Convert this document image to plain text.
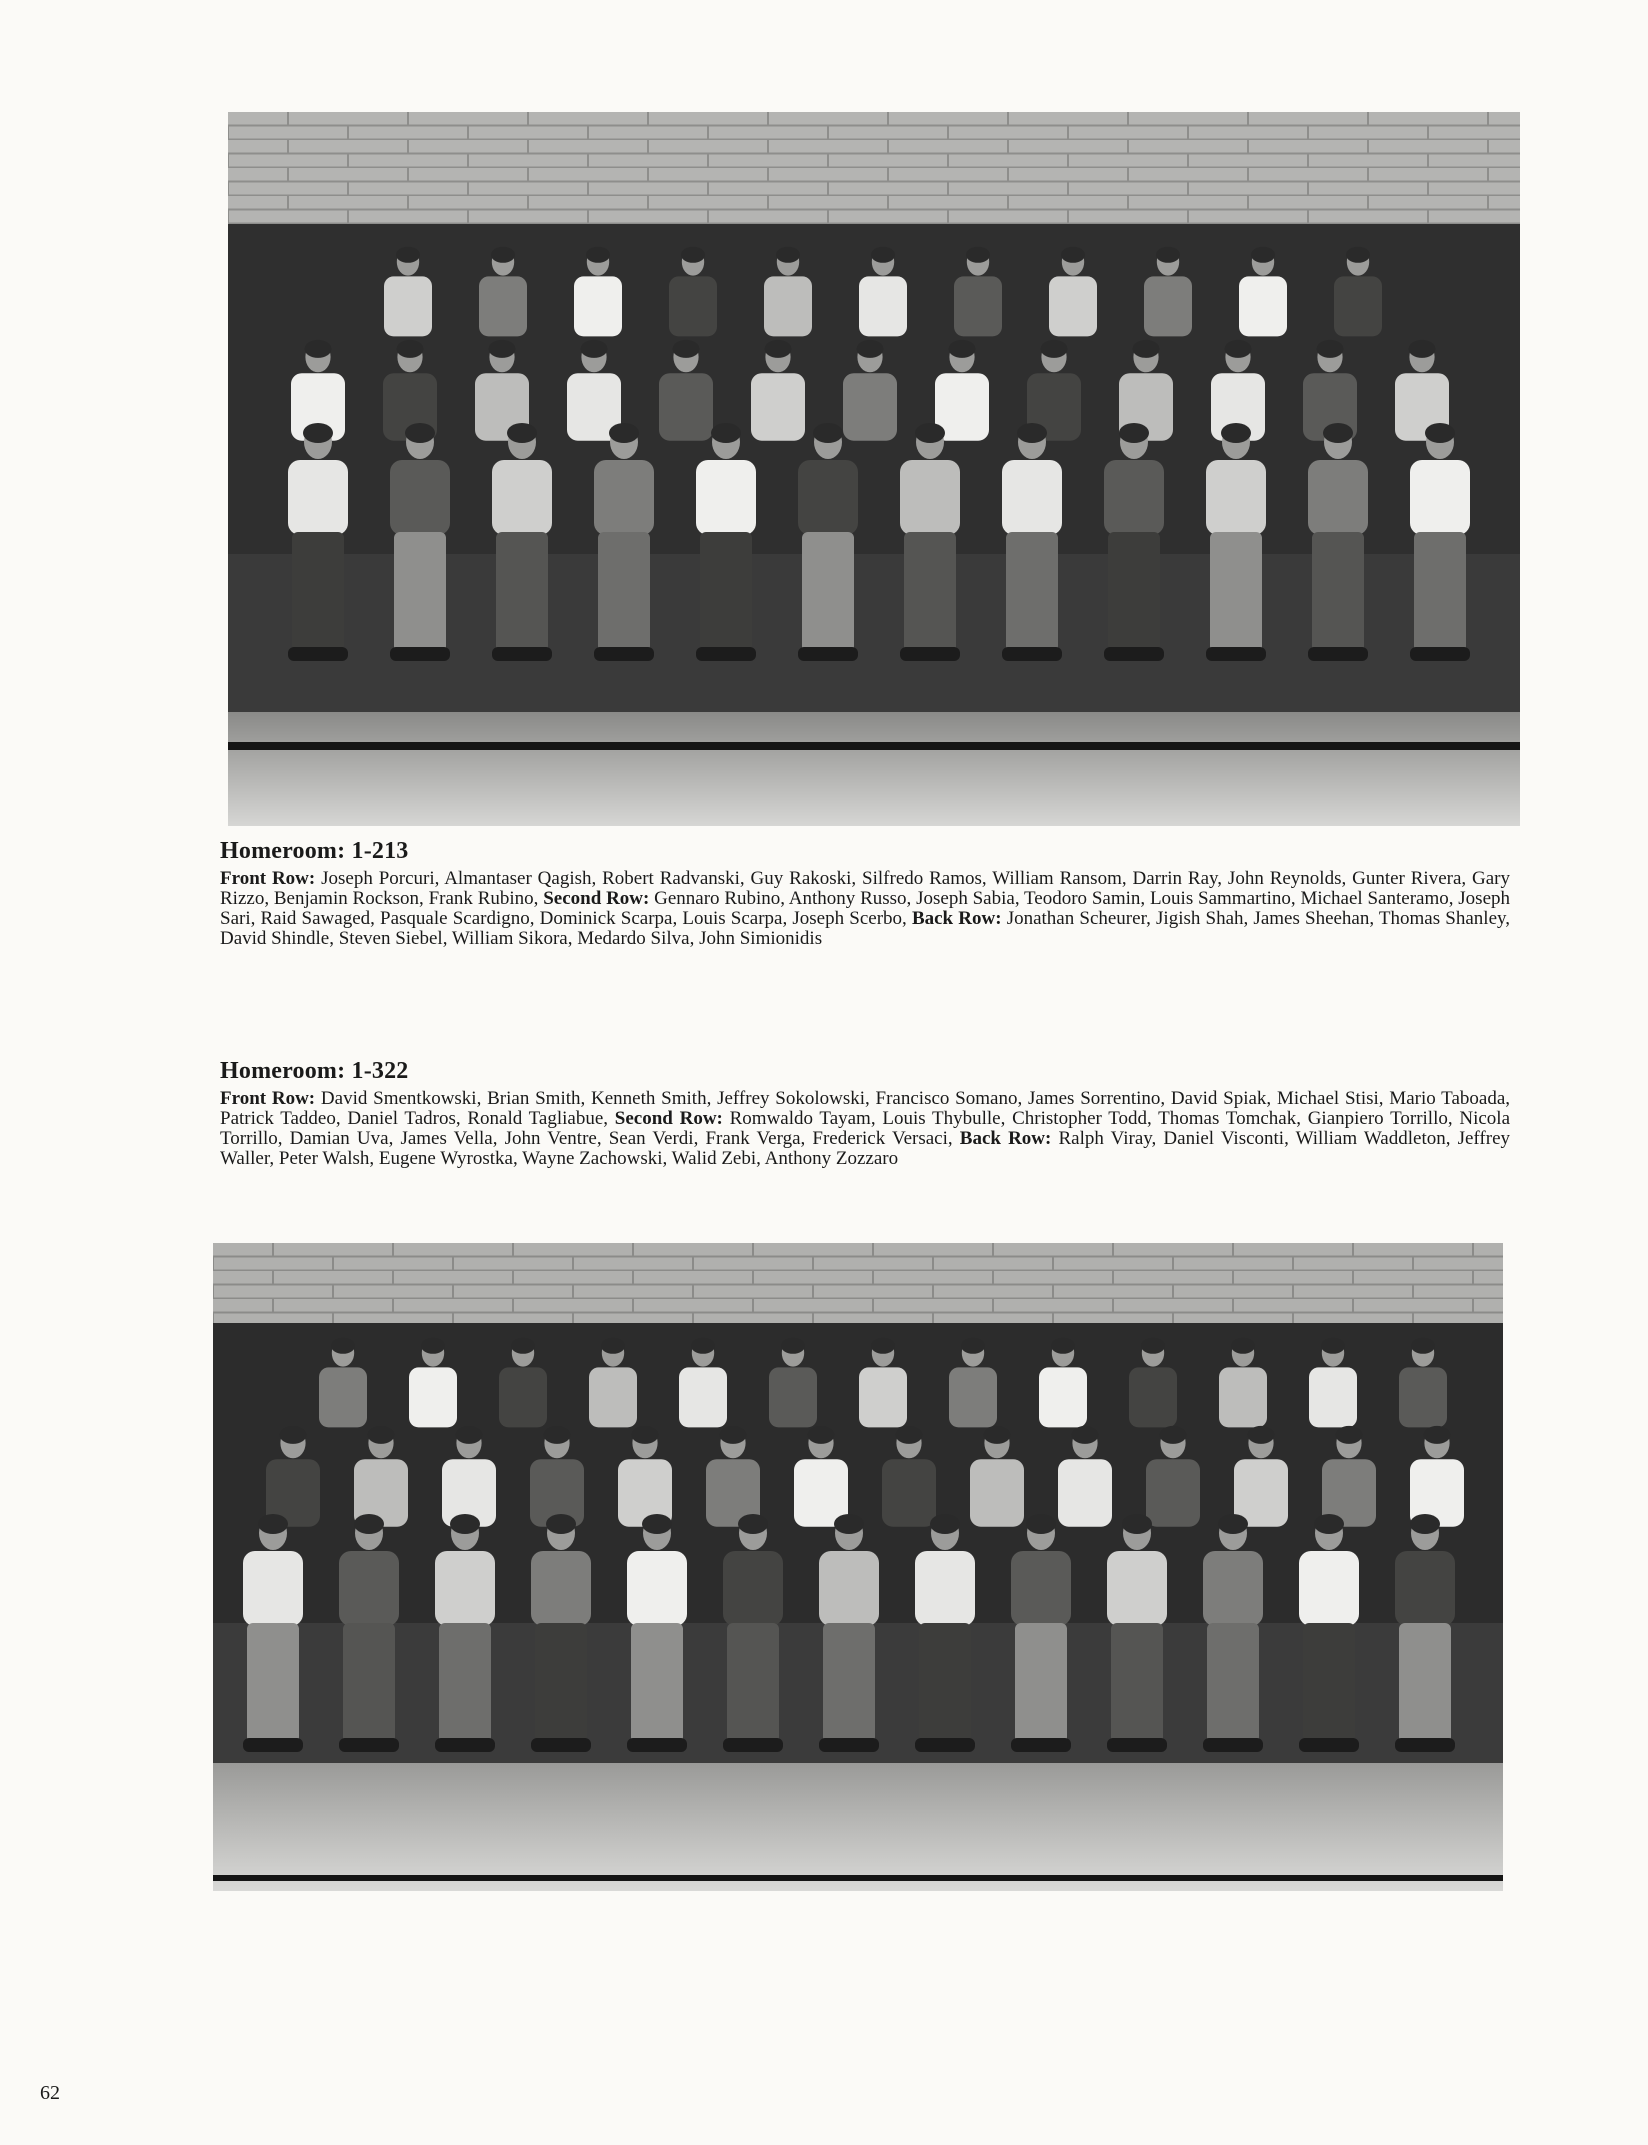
Homeroom: 1-213

Front Row: Joseph Porcuri, Almantaser Qagish, Robert Radvanski, Guy Rakoski, Silfredo Ramos, William Ransom, Darrin Ray, John Reynolds, Gunter Rivera, Gary Rizzo, Benjamin Rockson, Frank Rubino, Second Row: Gennaro Rubino, Anthony Russo, Joseph Sabia, Teodoro Samin, Louis Sammartino, Michael Santeramo, Joseph Sari, Raid Sawaged, Pasquale Scardigno, Dominick Scarpa, Louis Scarpa, Joseph Scerbo, Back Row: Jonathan Scheurer, Jigish Shah, James Sheehan, Thomas Shanley, David Shindle, Steven Siebel, William Sikora, Medardo Silva, John Simionidis

Homeroom: 1-322

Front Row: David Smentkowski, Brian Smith, Kenneth Smith, Jeffrey Sokolowski, Francisco Somano, James Sorrentino, David Spiak, Michael Stisi, Mario Taboada, Patrick Taddeo, Daniel Tadros, Ronald Tagliabue, Second Row: Romwaldo Tayam, Louis Thybulle, Christopher Todd, Thomas Tomchak, Gianpiero Torrillo, Nicola Torrillo, Damian Uva, James Vella, John Ventre, Sean Verdi, Frank Verga, Frederick Versaci, Back Row: Ralph Viray, Daniel Visconti, William Waddleton, Jeffrey Waller, Peter Walsh, Eugene Wyrostka, Wayne Zachowski, Walid Zebi, Anthony Zozzaro

62
